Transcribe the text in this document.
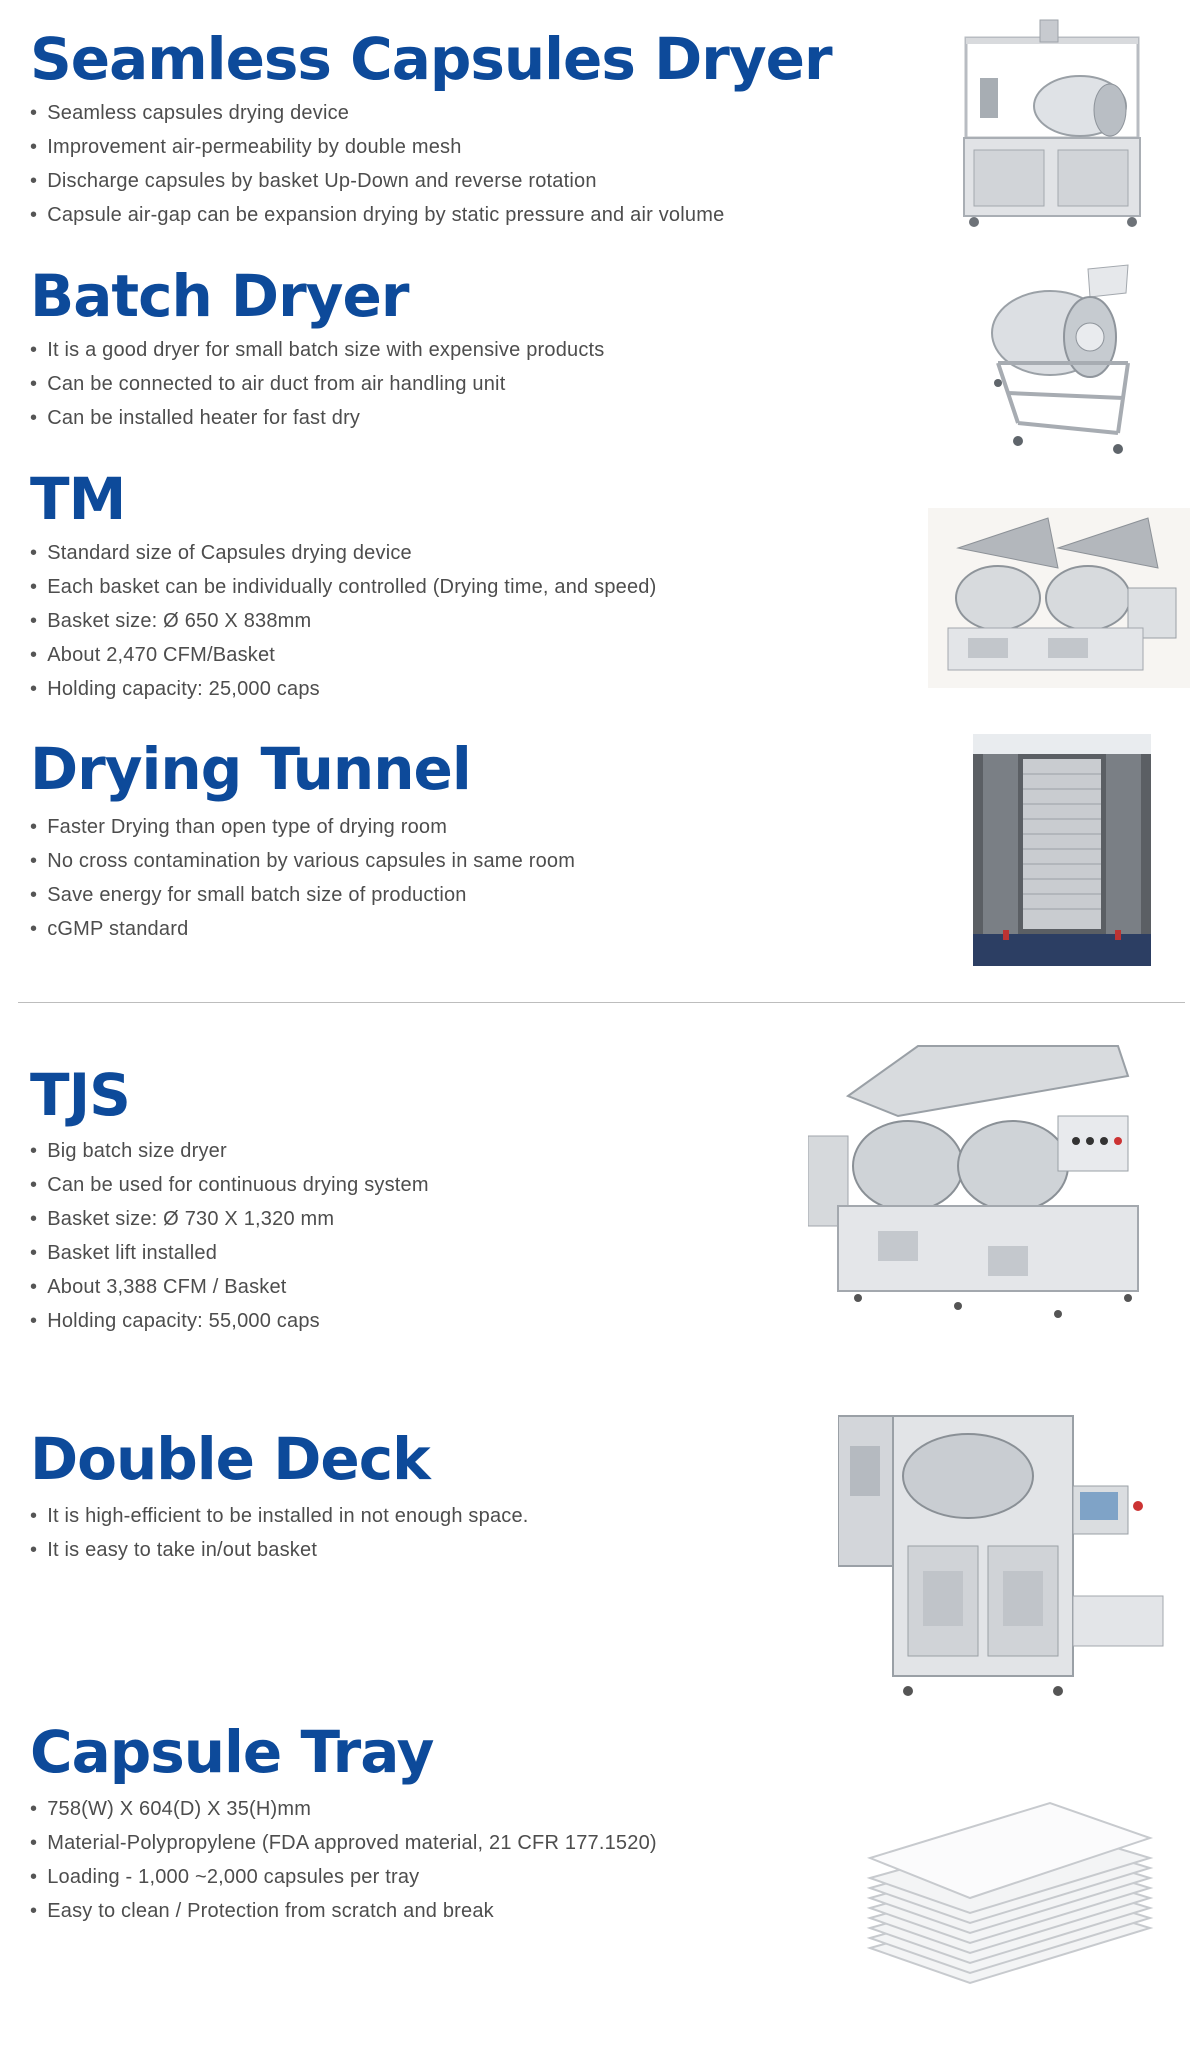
Seamless Capsules Dryer
• Seamless capsules drying device
• Improvement air-permeability by double mesh
• Discharge capsules by basket Up-Down and reverse rotation
• Capsule air-gap can be expansion drying by static pressure and air volume
Batch Dryer
• It is a good dryer for small batch size with expensive products
• Can be connected to air duct from air handling unit
• Can be installed heater for fast dry
TM
• Standard size of Capsules drying device
• Each basket can be individually controlled (Drying time, and speed)
• Basket size: Ø 650 X 838mm
• About 2,470 CFM/Basket
• Holding capacity: 25,000 caps
Drying Tunnel
• Faster Drying than open type of drying room
• No cross contamination by various capsules in same room
• Save energy for small batch size of production
• cGMP standard
TJS
• Big batch size dryer
• Can be used for continuous drying system
• Basket size: Ø 730 X 1,320 mm
• Basket lift installed
• About 3,388 CFM / Basket
• Holding capacity: 55,000 caps
Double Deck
• It is high-efficient to be installed in not enough space.
• It is easy to take in/out basket
Capsule Tray
• 758(W) X 604(D) X 35(H)mm
• Material-Polypropylene (FDA approved material, 21 CFR 177.1520)
• Loading - 1,000 ~2,000 capsules per tray
• Easy to clean / Protection from scratch and break
